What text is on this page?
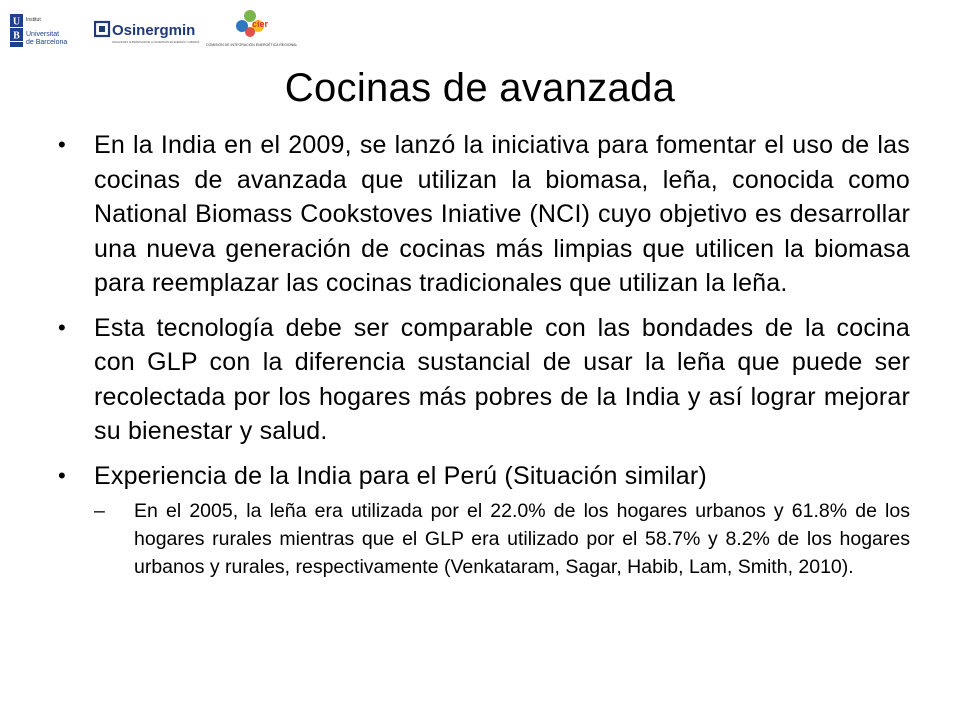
U
B
Institut
Universitat
de Barcelona
Osinergmin
ORGANISMO SUPERVISOR DE LA INVERSIÓN EN ENERGÍA Y MINERÍA
cier
COMISIÓN DE INTEGRACIÓN ENERGÉTICA REGIONAL
Cocinas de avanzada
•	En la India en el 2009, se lanzó la iniciativa para fomentar el uso de las cocinas de avanzada que utilizan la biomasa, leña, conocida como National Biomass Cookstoves Iniative (NCI) cuyo objetivo es desarrollar una nueva generación de cocinas más limpias que utilicen la biomasa para reemplazar las cocinas tradicionales que utilizan la leña.
•	Esta tecnología debe ser comparable con las bondades de la cocina con GLP con la diferencia sustancial de usar la leña que puede ser recolectada por los hogares más pobres de la India y así lograr mejorar su bienestar y salud.
•	Experiencia de la India para el Perú (Situación similar)
– En el 2005, la leña era utilizada por el 22.0% de los hogares urbanos y 61.8% de los hogares rurales mientras que el GLP era utilizado por el 58.7% y 8.2% de los hogares urbanos y rurales, respectivamente (Venkataram, Sagar, Habib, Lam, Smith, 2010).
